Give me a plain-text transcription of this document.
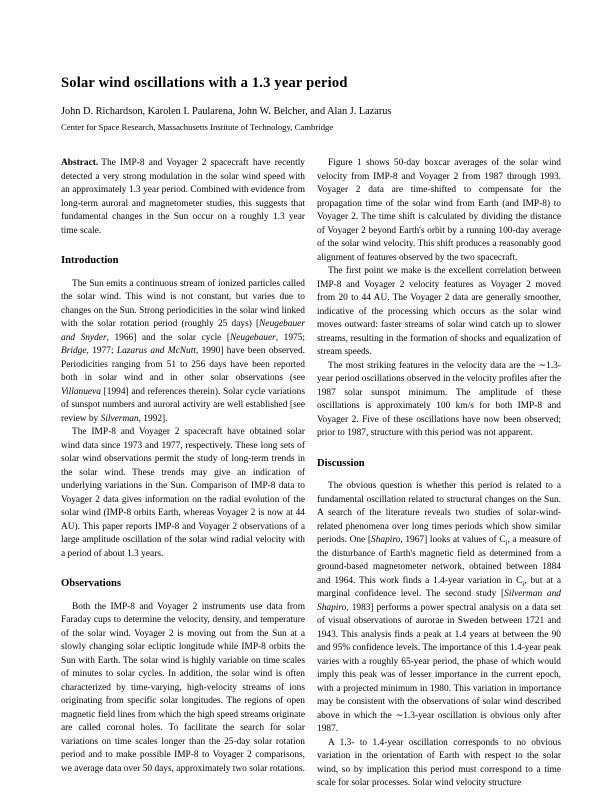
Solar wind oscillations with a 1.3 year period
John D. Richardson, Karolen I. Paularena, John W. Belcher, and Alan J. Lazarus
Center for Space Research, Massachusetts Institute of Technology, Cambridge

Abstract. The IMP-8 and Voyager 2 spacecraft have recently detected a very strong modulation in the solar wind speed with an approximately 1.3 year period. Combined with evidence from long-term auroral and magnetometer studies, this suggests that fundamental changes in the Sun occur on a roughly 1.3 year time scale.

Introduction

The Sun emits a continuous stream of ionized particles called the solar wind. This wind is not constant, but varies due to changes on the Sun. Strong periodicities in the solar wind linked with the solar rotation period (roughly 25 days) [Neugebauer and Snyder, 1966] and the solar cycle [Neugebauer, 1975; Bridge, 1977; Lazarus and McNutt, 1990] have been observed. Periodicities ranging from 51 to 256 days have been reported both in solar wind and in other solar observations (see Villanueva [1994] and references therein). Solar cycle variations of sunspot numbers and auroral activity are well established [see review by Silverman, 1992].

The IMP-8 and Voyager 2 spacecraft have obtained solar wind data since 1973 and 1977, respectively. These long sets of solar wind observations permit the study of long-term trends in the solar wind. These trends may give an indication of underlying variations in the Sun. Comparison of IMP-8 data to Voyager 2 data gives information on the radial evolution of the solar wind (IMP-8 orbits Earth, whereas Voyager 2 is now at 44 AU). This paper reports IMP-8 and Voyager 2 observations of a large amplitude oscillation of the solar wind radial velocity with a period of about 1.3 years.

Observations

Both the IMP-8 and Voyager 2 instruments use data from Faraday cups to determine the velocity, density, and temperature of the solar wind. Voyager 2 is moving out from the Sun at a slowly changing solar ecliptic longitude while IMP-8 orbits the Sun with Earth. The solar wind is highly variable on time scales of minutes to solar cycles. In addition, the solar wind is often characterized by time-varying, high-velocity streams of ions originating from specific solar longitudes. The regions of open magnetic field lines from which the high speed streams originate are called coronal holes. To facilitate the search for solar variations on time scales longer than the 25-day solar rotation period and to make possible IMP-8 to Voyager 2 comparisons, we average data over 50 days, approximately two solar rotations.

Figure 1 shows 50-day boxcar averages of the solar wind velocity from IMP-8 and Voyager 2 from 1987 through 1993. Voyager 2 data are time-shifted to compensate for the propagation time of the solar wind from Earth (and IMP-8) to Voyager 2. The time shift is calculated by dividing the distance of Voyager 2 beyond Earth's orbit by a running 100-day average of the solar wind velocity. This shift produces a reasonably good alignment of features observed by the two spacecraft.

The first point we make is the excellent correlation between IMP-8 and Voyager 2 velocity features as Voyager 2 moved from 20 to 44 AU. The Voyager 2 data are generally smoother, indicative of the processing which occurs as the solar wind moves outward: faster streams of solar wind catch up to slower streams, resulting in the formation of shocks and equalization of stream speeds.

The most striking features in the velocity data are the ∼1.3-year period oscillations observed in the velocity profiles after the 1987 solar sunspot minimum. The amplitude of these oscillations is approximately 100 km/s for both IMP-8 and Voyager 2. Five of these oscillations have now been observed; prior to 1987, structure with this period was not apparent.

Discussion

The obvious question is whether this period is related to a fundamental oscillation related to structural changes on the Sun. A search of the literature reveals two studies of solar-wind-related phenomena over long times periods which show similar periods. One [Shapiro, 1967] looks at values of $C_i$, a measure of the disturbance of Earth's magnetic field as determined from a ground-based magnetometer network, obtained between 1884 and 1964. This work finds a 1.4-year variation in $C_i$, but at a marginal confidence level. The second study [Silverman and Shapiro, 1983] performs a power spectral analysis on a data set of visual observations of aurorae in Sweden between 1721 and 1943. This analysis finds a peak at 1.4 years at between the 90 and 95% confidence levels. The importance of this 1.4-year peak varies with a roughly 65-year period, the phase of which would imply this peak was of lesser importance in the current epoch, with a projected minimum in 1980. This variation in importance may be consistent with the observations of solar wind described above in which the ∼1.3-year oscillation is obvious only after 1987.

A 1.3- to 1.4-year oscillation corresponds to no obvious variation in the orientation of Earth with respect to the solar wind, so by implication this period must correspond to a time scale for solar processes. Solar wind velocity structure
